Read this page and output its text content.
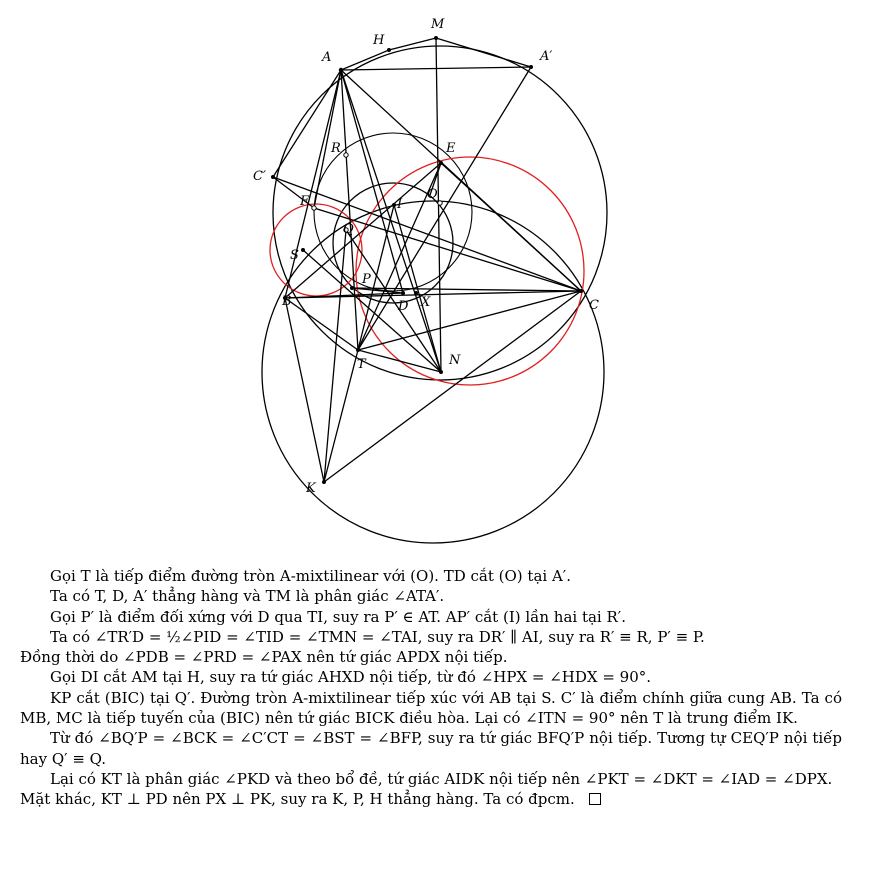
M
H
A	A′
R	E
C′
F	O
I
Q
S
P
B	D X	C
T	N
K

Gọi T là tiếp điểm đường tròn A-mixtilinear với (O). TD cắt (O) tại A′.

Ta có T, D, A′ thẳng hàng và TM là phân giác ∠ATA′.

Gọi P′ là điểm đối xứng với D qua TI, suy ra P′ ∈ AT. AP′ cắt (I) lần hai tại R′.

Ta có ∠TR′D = ½∠PID = ∠TID = ∠TMN = ∠TAI, suy ra DR′ ∥ AI, suy ra R′ ≡ R, P′ ≡ P.

Đồng thời do ∠PDB = ∠PRD = ∠PAX nên tứ giác APDX nội tiếp.

Gọi DI cắt AM tại H, suy ra tứ giác AHXD nội tiếp, từ đó ∠HPX = ∠HDX = 90°.

KP cắt (BIC) tại Q′. Đường tròn A-mixtilinear tiếp xúc với AB tại S. C′ là điểm chính giữa cung AB. Ta có MB, MC là tiếp tuyến của (BIC) nên tứ giác BICK điều hòa. Lại có ∠ITN = 90° nên T là trung điểm IK.

Từ đó ∠BQ′P = ∠BCK = ∠C′CT = ∠BST = ∠BFP, suy ra tứ giác BFQ′P nội tiếp. Tương tự CEQ′P nội tiếp hay Q′ ≡ Q.

Lại có KT là phân giác ∠PKD và theo bổ đề, tứ giác AIDK nội tiếp nên ∠PKT = ∠DKT = ∠IAD = ∠DPX. Mặt khác, KT ⊥ PD nên PX ⊥ PK, suy ra K, P, H thẳng hàng. Ta có đpcm.
